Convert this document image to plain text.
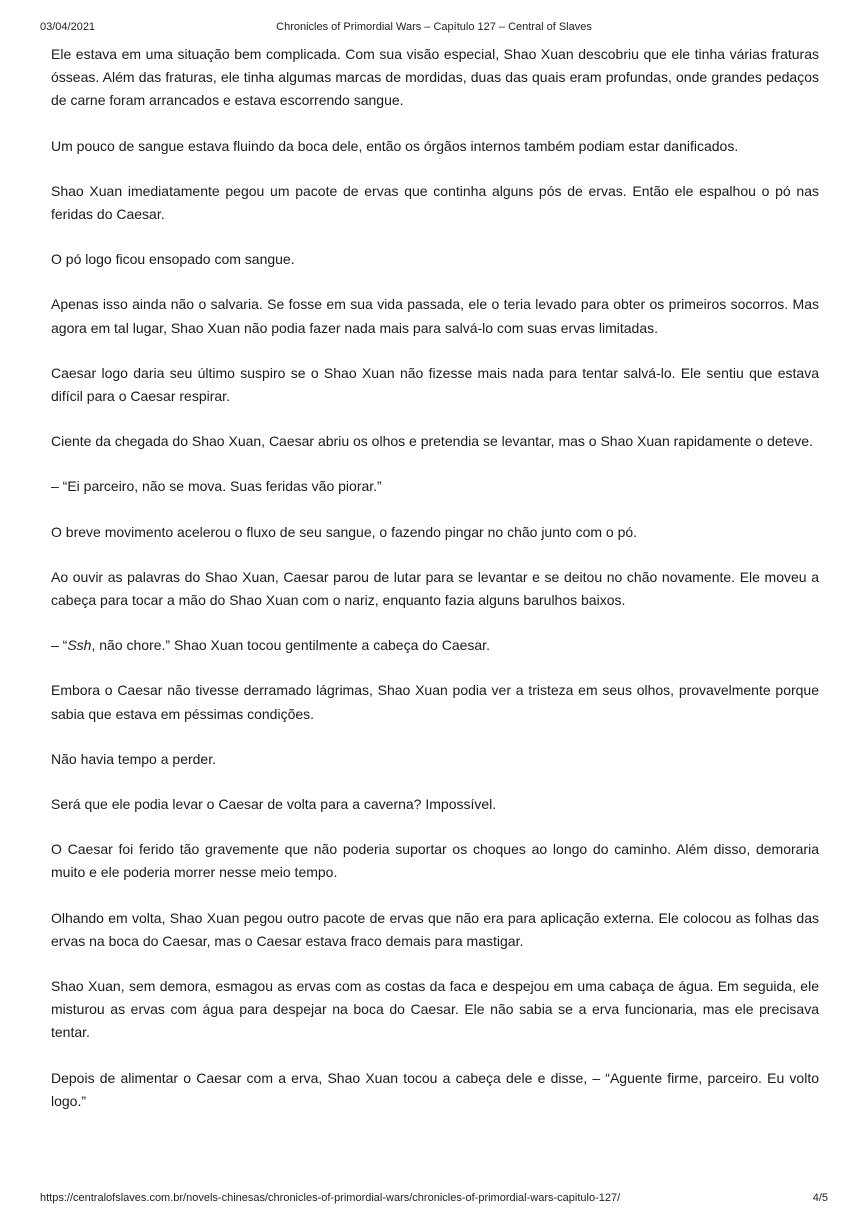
03/04/2021	Chronicles of Primordial Wars – Capítulo 127 – Central of Slaves

Ele estava em uma situação bem complicada. Com sua visão especial, Shao Xuan descobriu que ele tinha várias fraturas ósseas. Além das fraturas, ele tinha algumas marcas de mordidas, duas das quais eram profundas, onde grandes pedaços de carne foram arrancados e estava escorrendo sangue.

Um pouco de sangue estava fluindo da boca dele, então os órgãos internos também podiam estar danificados.

Shao Xuan imediatamente pegou um pacote de ervas que continha alguns pós de ervas. Então ele espalhou o pó nas feridas do Caesar.

O pó logo ficou ensopado com sangue.

Apenas isso ainda não o salvaria. Se fosse em sua vida passada, ele o teria levado para obter os primeiros socorros. Mas agora em tal lugar, Shao Xuan não podia fazer nada mais para salvá-lo com suas ervas limitadas.

Caesar logo daria seu último suspiro se o Shao Xuan não fizesse mais nada para tentar salvá-lo. Ele sentiu que estava difícil para o Caesar respirar.

Ciente da chegada do Shao Xuan, Caesar abriu os olhos e pretendia se levantar, mas o Shao Xuan rapidamente o deteve.

– “Ei parceiro, não se mova. Suas feridas vão piorar.”

O breve movimento acelerou o fluxo de seu sangue, o fazendo pingar no chão junto com o pó.

Ao ouvir as palavras do Shao Xuan, Caesar parou de lutar para se levantar e se deitou no chão novamente. Ele moveu a cabeça para tocar a mão do Shao Xuan com o nariz, enquanto fazia alguns barulhos baixos.

– “Ssh, não chore.” Shao Xuan tocou gentilmente a cabeça do Caesar.

Embora o Caesar não tivesse derramado lágrimas, Shao Xuan podia ver a tristeza em seus olhos, provavelmente porque sabia que estava em péssimas condições.

Não havia tempo a perder.

Será que ele podia levar o Caesar de volta para a caverna? Impossível.

O Caesar foi ferido tão gravemente que não poderia suportar os choques ao longo do caminho. Além disso, demoraria muito e ele poderia morrer nesse meio tempo.

Olhando em volta, Shao Xuan pegou outro pacote de ervas que não era para aplicação externa. Ele colocou as folhas das ervas na boca do Caesar, mas o Caesar estava fraco demais para mastigar.

Shao Xuan, sem demora, esmagou as ervas com as costas da faca e despejou em uma cabaça de água. Em seguida, ele misturou as ervas com água para despejar na boca do Caesar. Ele não sabia se a erva funcionaria, mas ele precisava tentar.

Depois de alimentar o Caesar com a erva, Shao Xuan tocou a cabeça dele e disse, – “Aguente firme, parceiro. Eu volto logo.”

https://centralofslaves.com.br/novels-chinesas/chronicles-of-primordial-wars/chronicles-of-primordial-wars-capitulo-127/	4/5
